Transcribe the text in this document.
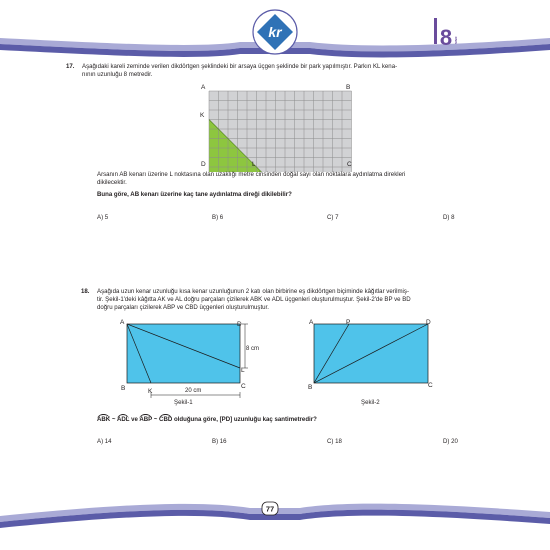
kr	8 SINIF
17. Aşağıdaki kareli zeminde verilen dikdörtgen şeklindeki bir arsaya üçgen şeklinde bir park yapılmıştır. Parkın KL kena-
nının uzunluğu 8 metredir.
A	B
K
D	L	C
Arsanın AB kenarı üzerine L noktasına olan uzaklığı metre cinsinden doğal sayı olan noktalara aydınlatma direkleri
dikilecektir.
Buna göre, AB kenarı üzerine kaç tane aydınlatma direği dikilebilir?
A) 5	B) 6	C) 7	D) 8
18. Aşağıda uzun kenar uzunluğu kısa kenar uzunluğunun 2 katı olan birbirine eş dikdörtgen biçiminde kâğıtlar verilmiş-
tir. Şekil-1'deki kâğıtta AK ve AL doğru parçaları çizilerek ABK ve ADL üçgenleri oluşturulmuştur. Şekil-2'de BP ve BD
doğru parçaları çizilerek ABP ve CBD üçgenleri oluşturulmuştur.
A	D
B	K
C
L
8 cm
20 cm
Şekil-1
A	P	D
B	C
Şekil-2
ABK ~ ADL ve ABP ~ CBD olduğuna göre, [PD] uzunluğu kaç santimetredir?
A) 14	B) 16	C) 18	D) 20
77
